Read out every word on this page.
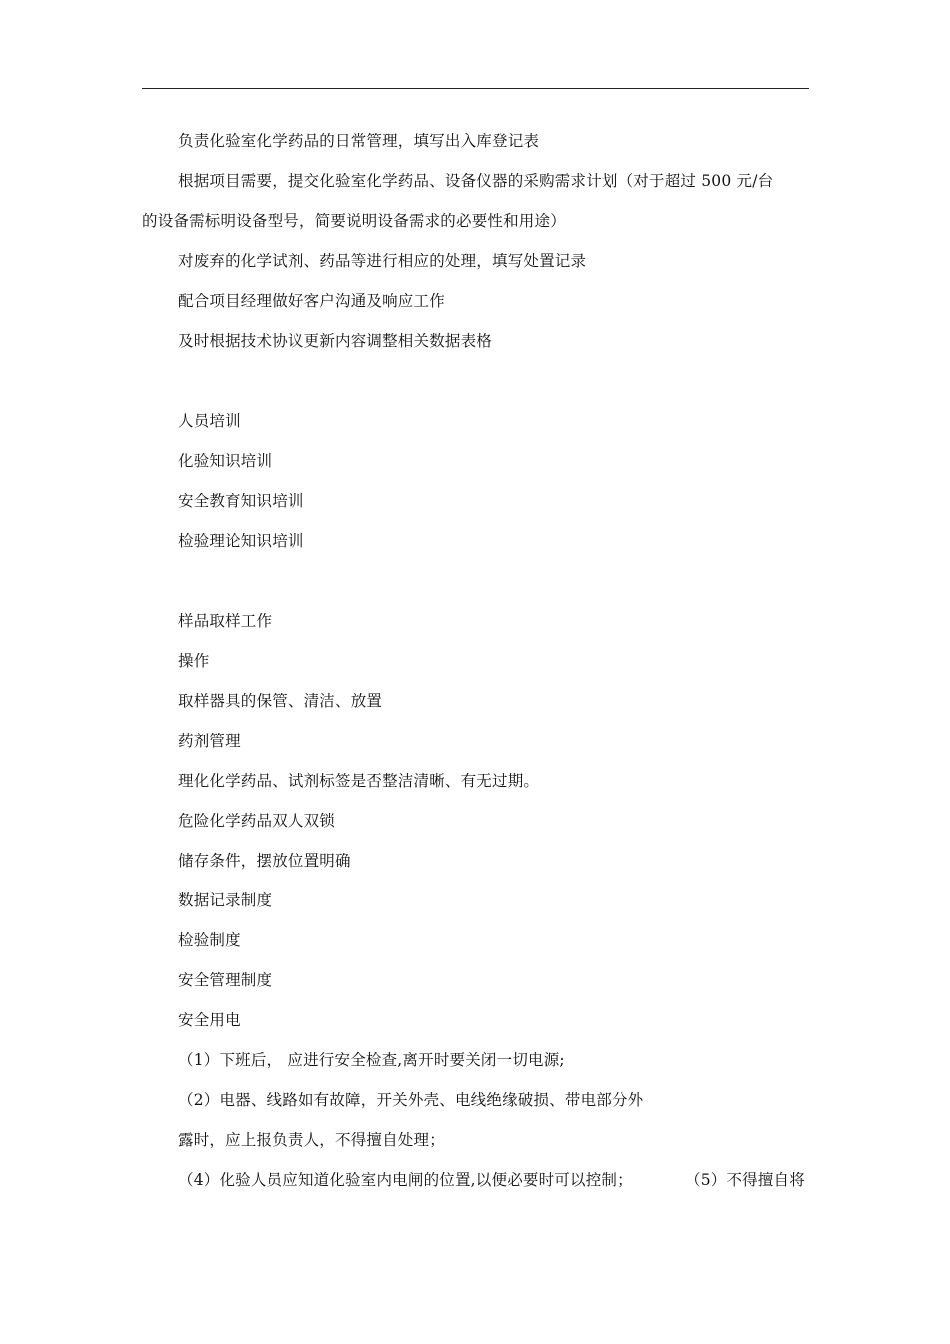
负责化验室化学药品的日常管理，填写出入库登记表
根据项目需要，提交化验室化学药品、设备仪器的采购需求计划（对于超过 500 元/台
的设备需标明设备型号，简要说明设备需求的必要性和用途）
对废弃的化学试剂、药品等进行相应的处理，填写处置记录
配合项目经理做好客户沟通及响应工作
及时根据技术协议更新内容调整相关数据表格
人员培训
化验知识培训
安全教育知识培训
检验理论知识培训
样品取样工作
操作
取样器具的保管、清洁、放置
药剂管理
理化化学药品、试剂标签是否整洁清晰、有无过期。
危险化学药品双人双锁
储存条件，摆放位置明确
数据记录制度
检验制度
安全管理制度
安全用电
（1）下班后， 应进行安全检查,离开时要关闭一切电源;
（2）电器、线路如有故障，开关外壳、电线绝缘破损、带电部分外
露时，应上报负责人，不得擅自处理；
（4）化验人员应知道化验室内电闸的位置,以便必要时可以控制；	（5）不得擅自将
